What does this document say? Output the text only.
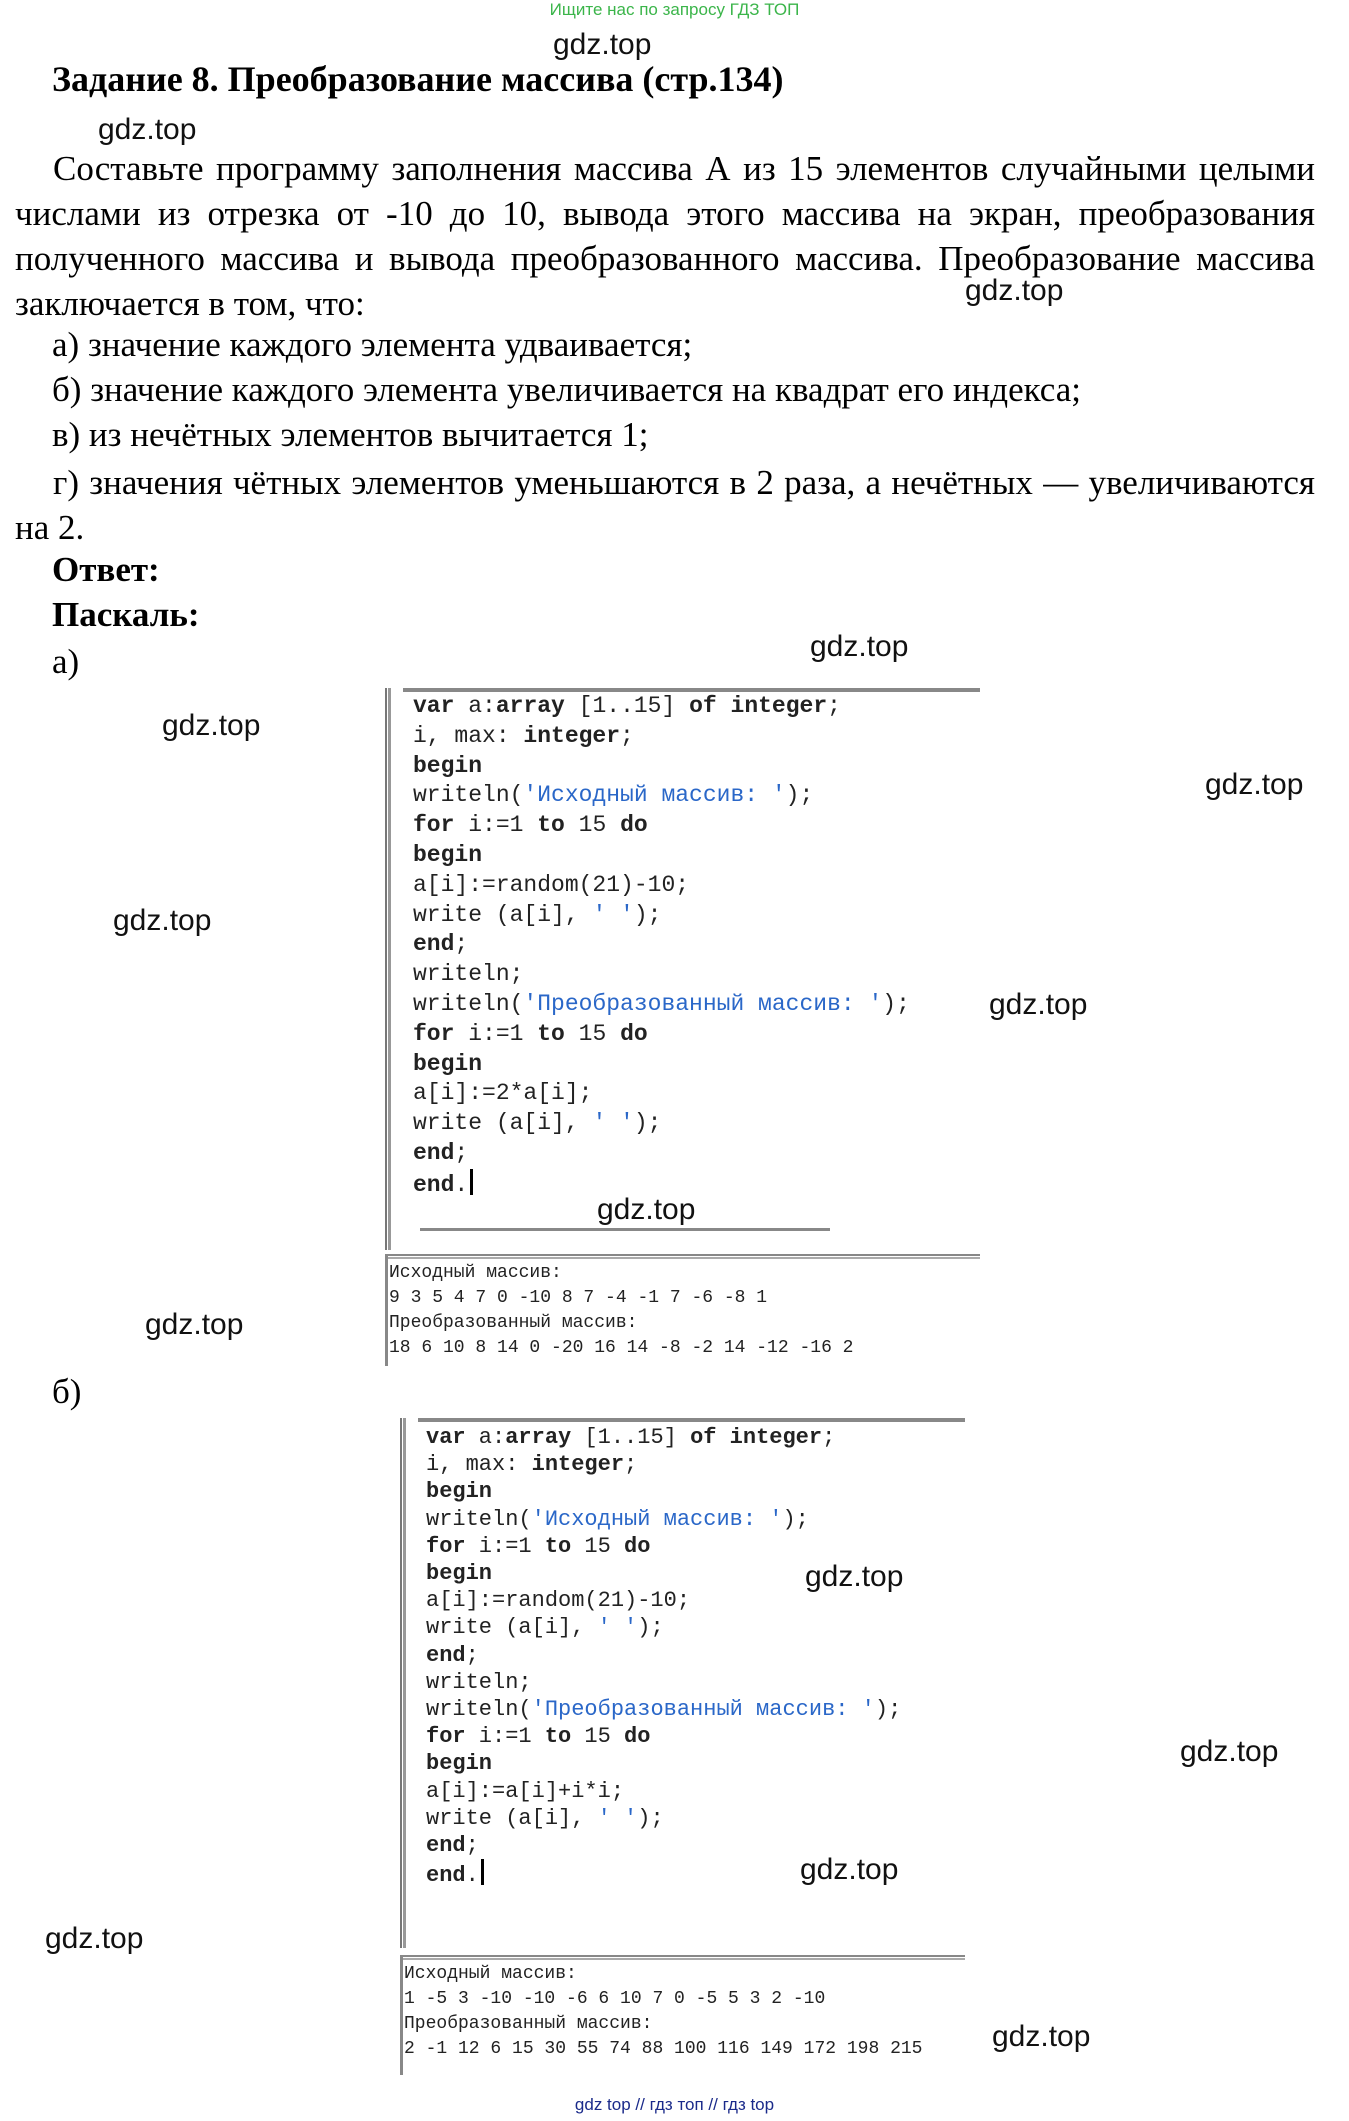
Ищите нас по запросу ГДЗ ТОП
gdz top // гдз топ // гдз top
Задание 8. Преобразование массива (стр.134)
Составьте программу заполнения массива А из 15 элементов случайными целыми числами из отрезка от -10 до 10, вывода этого массива на экран, преобразования полученного массива и вывода преобразованного массива. Преобразование массива заключается в том, что:
а) значение каждого элемента удваивается;
б) значение каждого элемента увеличивается на квадрат его индекса;
в) из нечётных элементов вычитается 1;
г) значения чётных элементов уменьшаются в 2 раза, а нечётных — увеличиваются на 2.
Ответ:
Паскаль:
а)
б)
var a:array [1..15] of integer;
i, max: integer;
begin
writeln('Исходный массив: ');
for i:=1 to 15 do
begin
a[i]:=random(21)-10;
write (a[i], ' ');
end;
writeln;
writeln('Преобразованный массив: ');
for i:=1 to 15 do
begin
a[i]:=2*a[i];
write (a[i], ' ');
end;
end.
Исходный массив:
9 3 5 4 7 0 -10 8 7 -4 -1 7 -6 -8 1
Преобразованный массив:
18 6 10 8 14 0 -20 16 14 -8 -2 14 -12 -16 2
var a:array [1..15] of integer;
i, max: integer;
begin
writeln('Исходный массив: ');
for i:=1 to 15 do
begin
a[i]:=random(21)-10;
write (a[i], ' ');
end;
writeln;
writeln('Преобразованный массив: ');
for i:=1 to 15 do
begin
a[i]:=a[i]+i*i;
write (a[i], ' ');
end;
end.
Исходный массив:
1 -5 3 -10 -10 -6 6 10 7 0 -5 5 3 2 -10
Преобразованный массив:
2 -1 12 6 15 30 55 74 88 100 116 149 172 198 215
gdz.top
gdz.top
gdz.top
gdz.top
gdz.top
gdz.top
gdz.top
gdz.top
gdz.top
gdz.top
gdz.top
gdz.top
gdz.top
gdz.top
gdz.top
